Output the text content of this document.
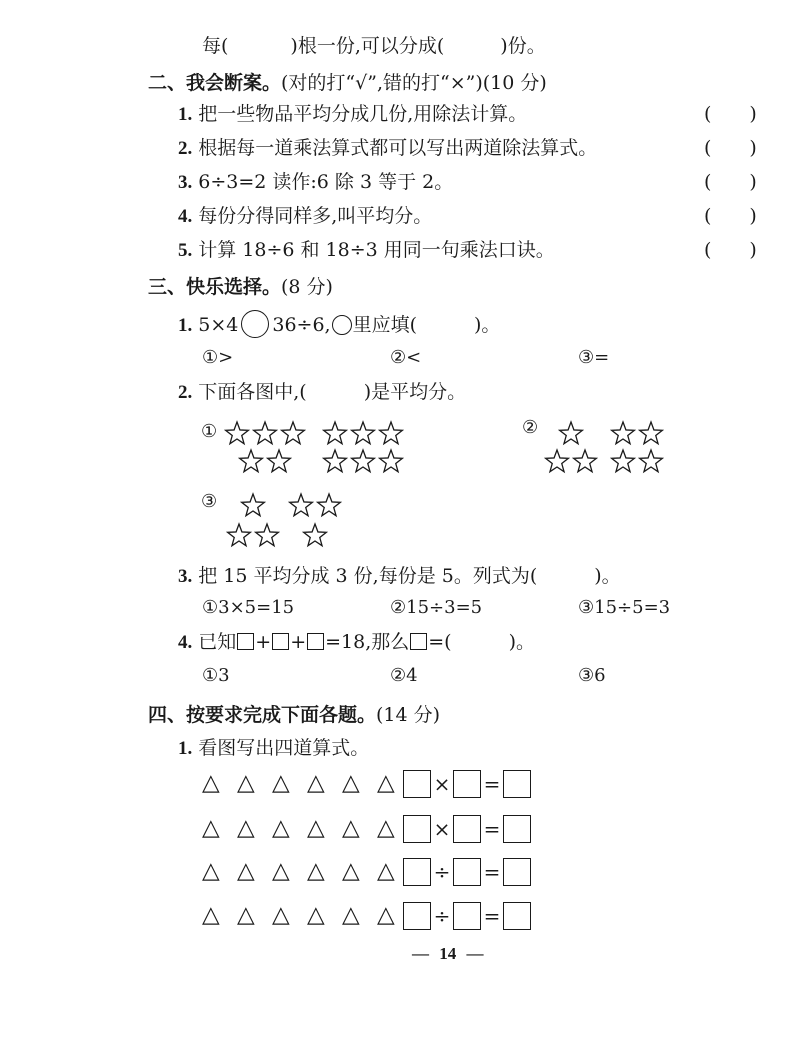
每(	)根一份,可以分成(	)份。
二、我会断案。(对的打“√”,错的打“×”)(10 分)
1. 把一些物品平均分成几份,用除法计算。	(　　)
2. 根据每一道乘法算式都可以写出两道除法算式。	(　　)
3. 6÷3=2 读作:6 除 3 等于 2。	(　　)
4. 每份分得同样多,叫平均分。	(　　)
5. 计算 18÷6 和 18÷3 用同一句乘法口诀。	(　　)
三、快乐选择。(8 分)
1. 5×4 36÷6, 里应填(　　　)。
①>	②<	③=
2. 下面各图中,(　　　)是平均分。
①	②
③
3. 把 15 平均分成 3 份,每份是 5。列式为(　　　)。
①3×5=15	②15÷3=5	③15÷5=3
4. 已知 + + =18,那么 =(　　　)。
①3	②4	③6
四、按要求完成下面各题。(14 分)
1. 看图写出四道算式。
△ △ △ △ △ △ × =
△ △ △ △ △ △ × =
△ △ △ △ △ △ ÷ =
△ △ △ △ △ △ ÷ =
— 14 —
